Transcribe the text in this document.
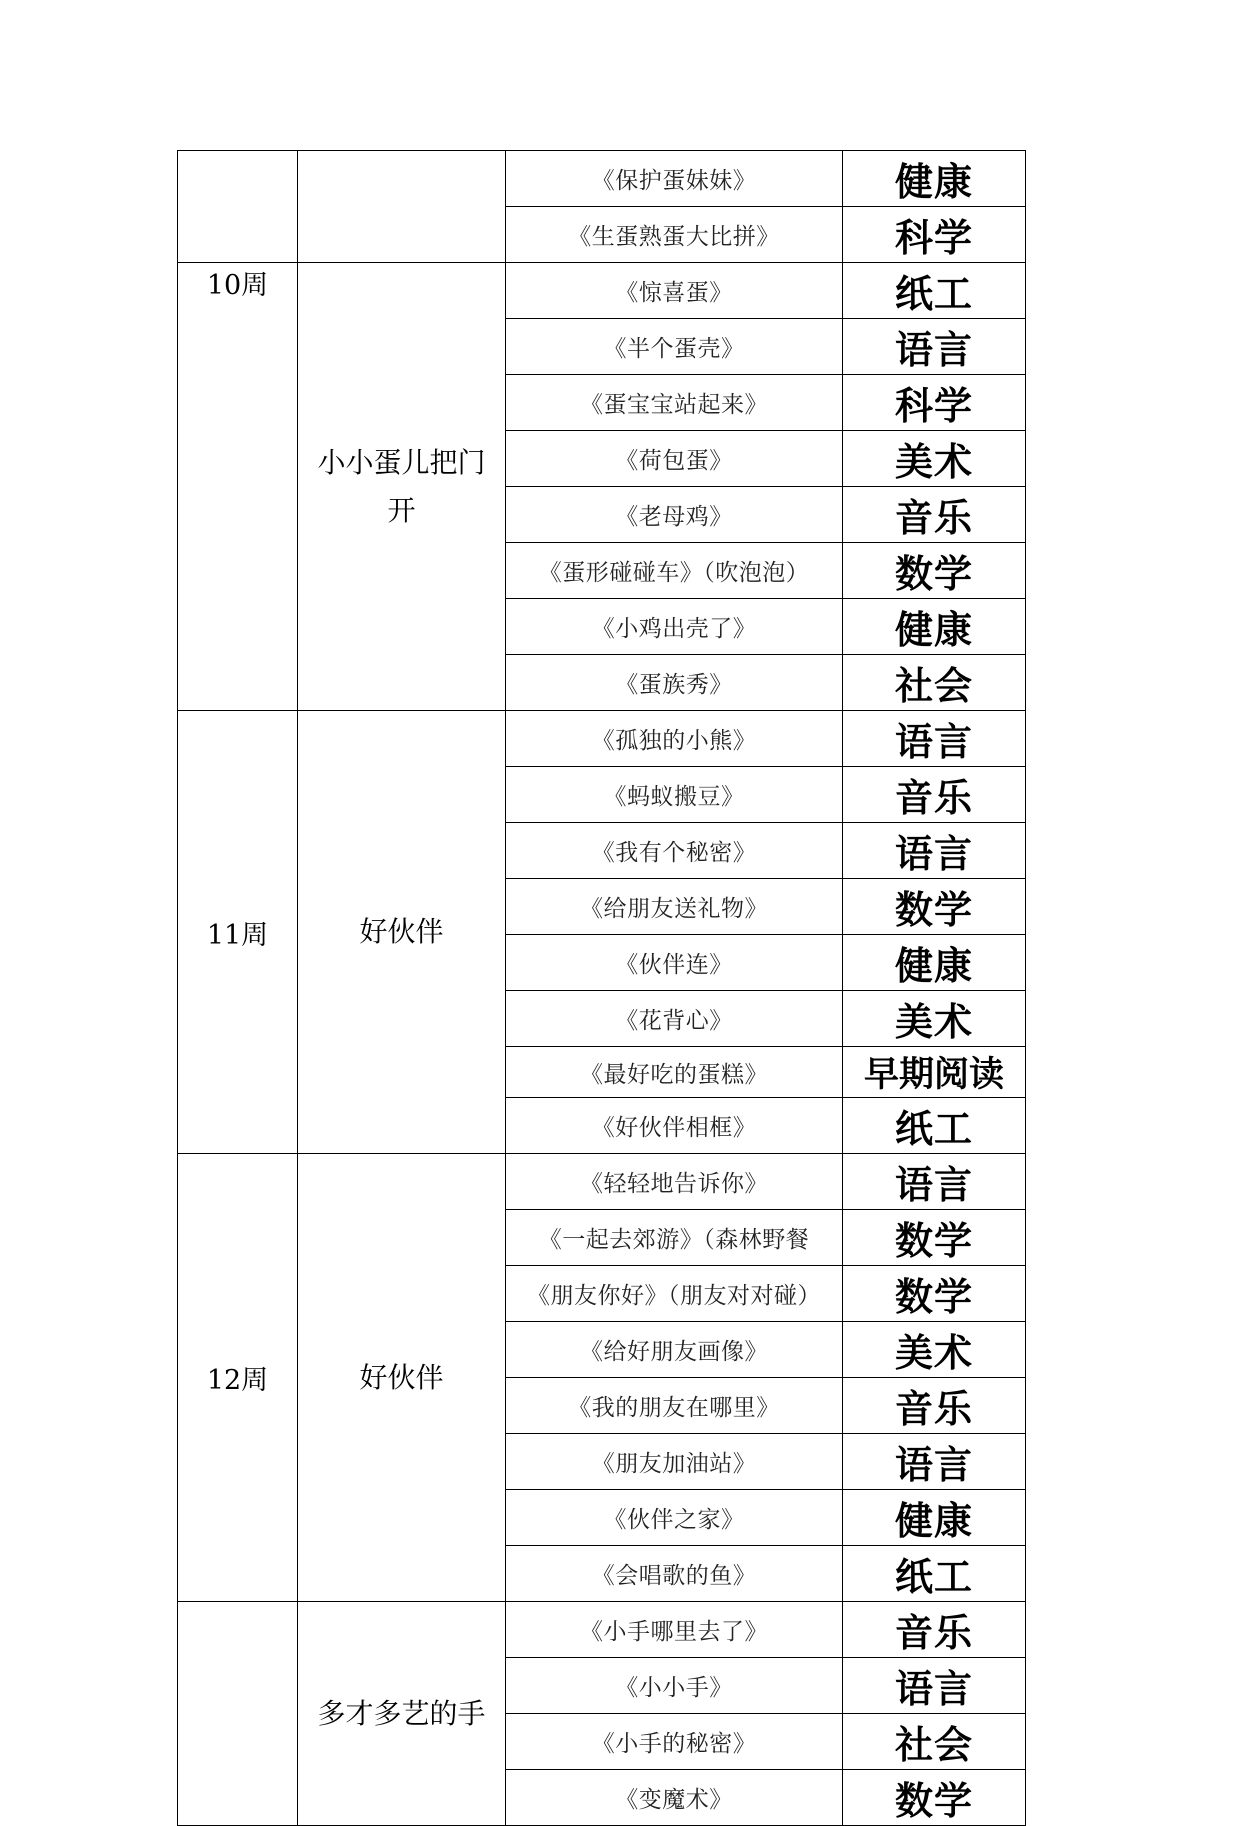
		《保护蛋妹妹》	健康
		《生蛋熟蛋大比拼》	科学
10周	小小蛋儿把门开	《惊喜蛋》	纸工
		《半个蛋壳》	语言
		《蛋宝宝站起来》	科学
		《荷包蛋》	美术
		《老母鸡》	音乐
		《蛋形碰碰车》（吹泡泡）	数学
		《小鸡出壳了》	健康
		《蛋族秀》	社会
11周	好伙伴	《孤独的小熊》	语言
		《蚂蚁搬豆》	音乐
		《我有个秘密》	语言
		《给朋友送礼物》	数学
		《伙伴连》	健康
		《花背心》	美术
		《最好吃的蛋糕》	早期阅读
		《好伙伴相框》	纸工
12周	好伙伴	《轻轻地告诉你》	语言
		《一起去郊游》（森林野餐	数学
		《朋友你好》（朋友对对碰）	数学
		《给好朋友画像》	美术
		《我的朋友在哪里》	音乐
		《朋友加油站》	语言
		《伙伴之家》	健康
		《会唱歌的鱼》	纸工
	多才多艺的手	《小手哪里去了》	音乐
		《小小手》	语言
		《小手的秘密》	社会
		《变魔术》	数学
